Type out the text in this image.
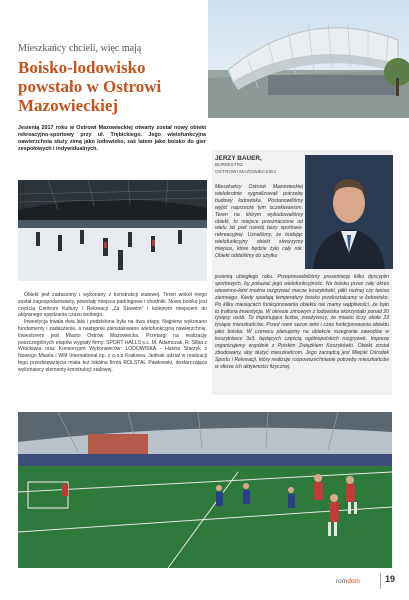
Mieszkańcy chcieli, więc mają
Boisko-lodowisko
powstało w Ostrowi
Mazowieckiej

Jesienią 2017 roku w Ostrowi Mazowieckiej otwarty został nowy obiekt rekreacyjno-sportowy przy ul. Trębickiego. Jego wielofunkcyjna nawierzchnia służy zimą jako lodowisko, zaś latem jako boisko do gier zespołowych i indywidualnych.

Obiekt jest zadaszony i wykonany z konstrukcji stalowej. Teren wokół niego został zagospodarowany, powstały miejsca parkingowe i chodniki. Nowe boisko jest częścią Centrum Kultury i Rekreacji „Za Stawem" i kolejnym miejscem do aktywnego spędzania czasu wolnego.

Inwestycja trwała dwa lata i podzielona była na dwa etapy. Najpierw wykonano fundamenty i zadaszenie, a następnie zainstalowano wielofunkcyjną nawierzchnię. Inwestorem jest Miasto Ostrów Mazowiecka. Przetargi na realizację poszczególnych etapów wygrały firmy: SPORT HALLS s.c. M. Adamczak, R. Sliba z Wrocławia oraz Konsorcjum Wykonawców: LODOWISKA - Hanna Starzyk z Nowego Miasta i WM International sp. z o.o.z Krakowa. Jednak udział w realizacji tego przedsięwzięcia miała też lokalna firma ROLSTAL Pawłowski, dostarczająca wykonawcy elementy konstrukcji stalowej.

JERZY BAUER,
BURMISTRZ
OSTROWI MAZOWIECKIEJ

Mieszkańcy Ostrowi Mazowieckiej wielokrotnie sygnalizowali potrzebę budowy lodowiska. Postanowiliśmy wyjść naprzeciw tym oczekiwaniom. Teren na którym wybudowaliśmy obiekt, to miejsce przeznaczone od wielu lat pod rozwój bazy sportowo-rekreacyjnej. Uznaliśmy, że budując wielofunkcyjny obiekt stworzymy miejsce, które będzie żyło cały rok. Obiekt oddaliśmy do użytku

jesienią ubiegłego roku. Przeprowadziliśmy prezentację kilku dyscyplin sportowych, by pokazać jego wielofunkcyjność. Na boisku przez cały okres wiosenno-letni można rozgrywać mecze koszykówki, piłki nożnej czy tenisa ziemnego. Kiedy spadają temperatury boisko przekształcamy w lodowisko. Po kilku miesiącach funkcjonowania obiektu nie mamy wątpliwości, że było to trafiona inwestycja. W okresie zimowym z lodowiska skorzystało ponad 20 tysięcy osób. To imponująca liczba, zważywszy, że miasto liczy około 23 tysiące mieszkańców. Przed nami sezon letni i czas funkcjonowania obiektu jako boiska. W czerwcu planujemy na obiekcie rozegranie zawodów w koszykówce 3x3, będących częścią ogólnopolskich rozgrywek. Imprezę organizujemy wspólnie z Polskim Związkiem Koszykówki. Obiekt został zbudowany, aby służyć mieszkańcom. Jego zarządcą jest Miejski Ośrodek Sportu i Rekreacji, który realizuje rozpowszechnianie potrzeby mieszkańców w sferze ich aktywności fizycznej.

romdom	19
